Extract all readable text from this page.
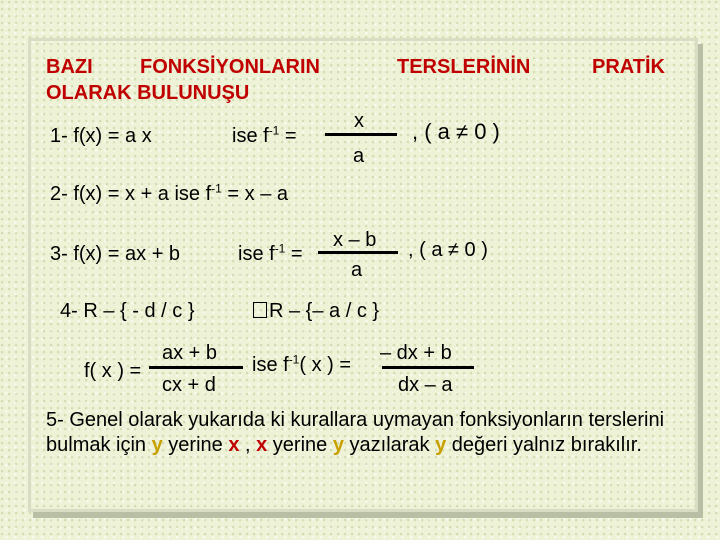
BAZI FONKSİYONLARIN	TERSLERİNİN	PRATİK
OLARAK BULUNUŞU
1- f(x) = a x	ise $f^{-1}$ =
x
a
, ( a ≠ 0 )
2- f(x) = x + a ise $f^{-1} = x - a$
3- f(x) = ax + b	ise $f^{-1}$ =
x – b
a
, ( a ≠ 0 )
4- R – { - d / c }	R – {– a / c }
f( x ) =
ax + b
cx + d
ise $f^{-1}$( x ) =
– dx + b
dx – a
5- Genel olarak yukarıda ki kurallara uymayan fonksiyonların terslerini bulmak için y yerine x , x yerine y yazılarak y değeri yalnız bırakılır.
